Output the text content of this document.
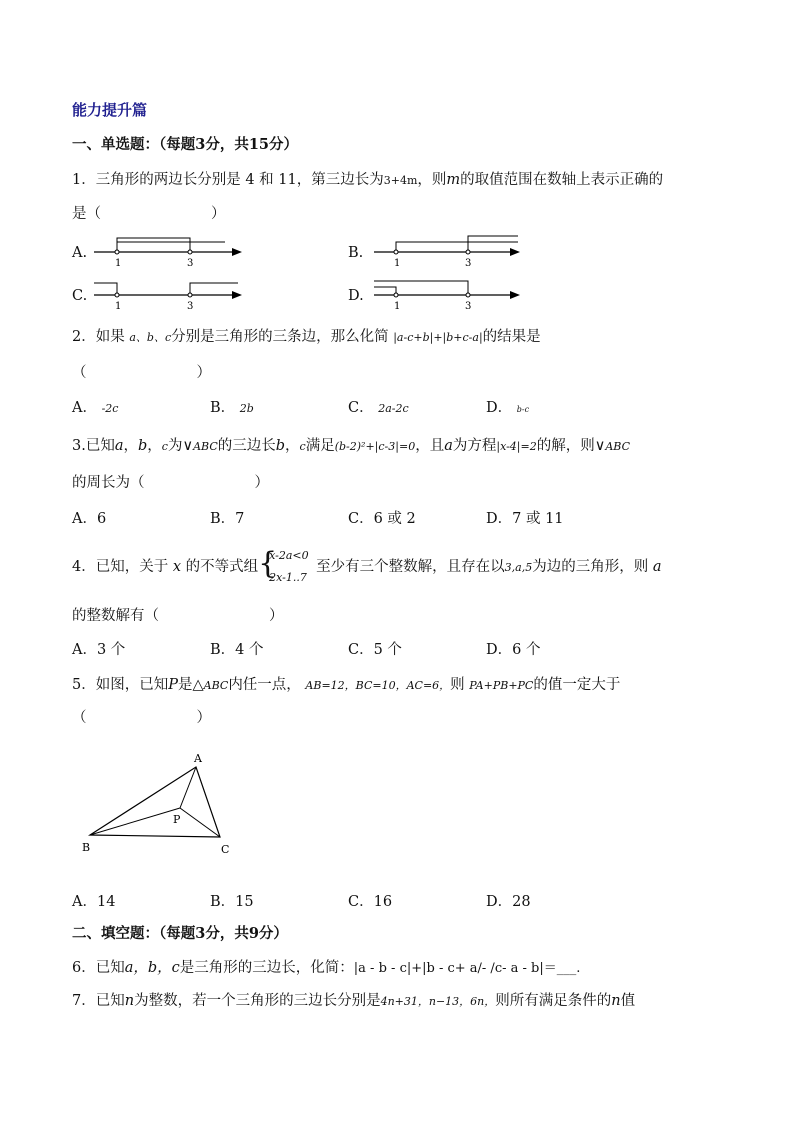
能力提升篇
一、单选题：（每题3分，共15分）
1．三角形的两边长分别是 4 和 11，第三边长为3+4m，则m的取值范围在数轴上表示正确的
是（	）
A.
1	3
B.
1	3
C.
1	3
D.
1	3
2．如果 a、b、c分别是三角形的三条边，那么化简 |a-c+b|+|b+c-a|的结果是
（	）
A． -2c	B． 2b	C． 2a-2c	D． b-c
3.已知a，b，c为∨ABC的三边长b，c满足(b-2)²+|c-3|=0，且a为方程|x-4|=2的解，则∨ABC
的周长为（	）
A．6	B．7	C．6 或 2	D．7 或 11
4．已知，关于 x 的不等式组 {
x-2a<0
2x-1..7
至少有三个整数解，且存在以3,a,5为边的三角形，则 a
的整数解有（	）
A．3 个	B．4 个	C．5 个	D．6 个
5．如图，已知P是△ABC内任一点， AB=12，BC=10，AC=6，则 PA+PB+PC的值一定大于
（	）
A
B	C
P
A．14	B．15	C．16	D．28
二、填空题：（每题3分，共9分）
6．已知a，b，c是三角形的三边长，化简：|a - b - c|+|b - c+ a/- /c- a - b|＝___.
7．已知n为整数，若一个三角形的三边长分别是4n+31，n−13，6n，则所有满足条件的n值
